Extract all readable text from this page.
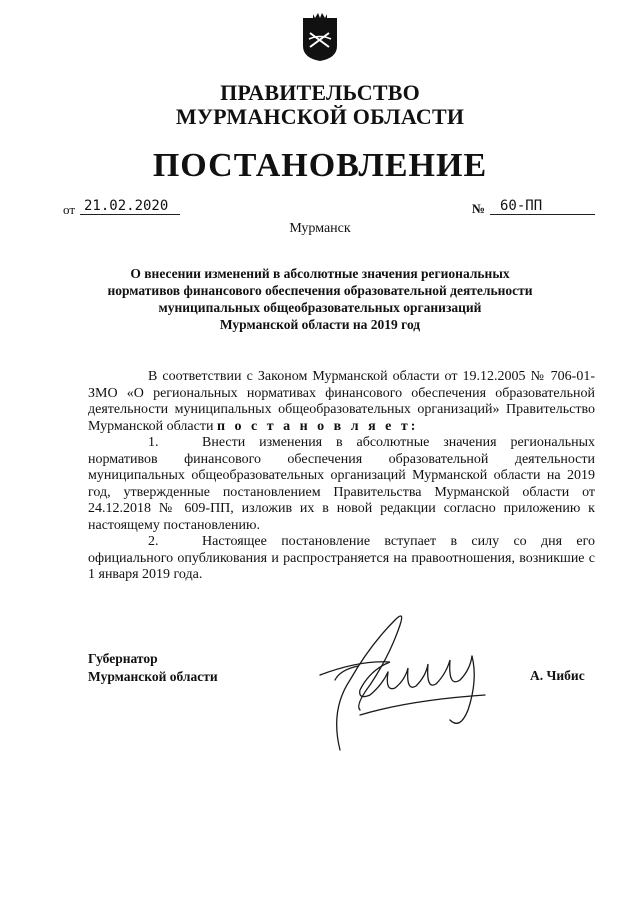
ПРАВИТЕЛЬСТВО
МУРМАНСКОЙ ОБЛАСТИ
ПОСТАНОВЛЕНИЕ
от 21.02.2020	№	60-ПП
Мурманск
О внесении изменений в абсолютные значения региональных
нормативов финансового обеспечения образовательной деятельности
муниципальных общеобразовательных организаций
Мурманской области на 2019 год

В соответствии с Законом Мурманской области от 19.12.2005 № 706-01-ЗМО «О региональных нормативах финансового обеспечения образовательной деятельности муниципальных общеобразовательных организаций» Правительство Мурманской области п о с т а н о в л я е т:

1.	Внести изменения в абсолютные значения региональных нормативов финансового обеспечения образовательной деятельности муниципальных общеобразовательных организаций Мурманской области на 2019 год, утвержденные постановлением Правительства Мурманской области от 24.12.2018 № 609-ПП, изложив их в новой редакции согласно приложению к настоящему постановлению.

2.	Настоящее постановление вступает в силу со дня его официального опубликования и распространяется на правоотношения, возникшие с 1 января 2019 года.

Губернатор
Мурманской области	А. Чибис
